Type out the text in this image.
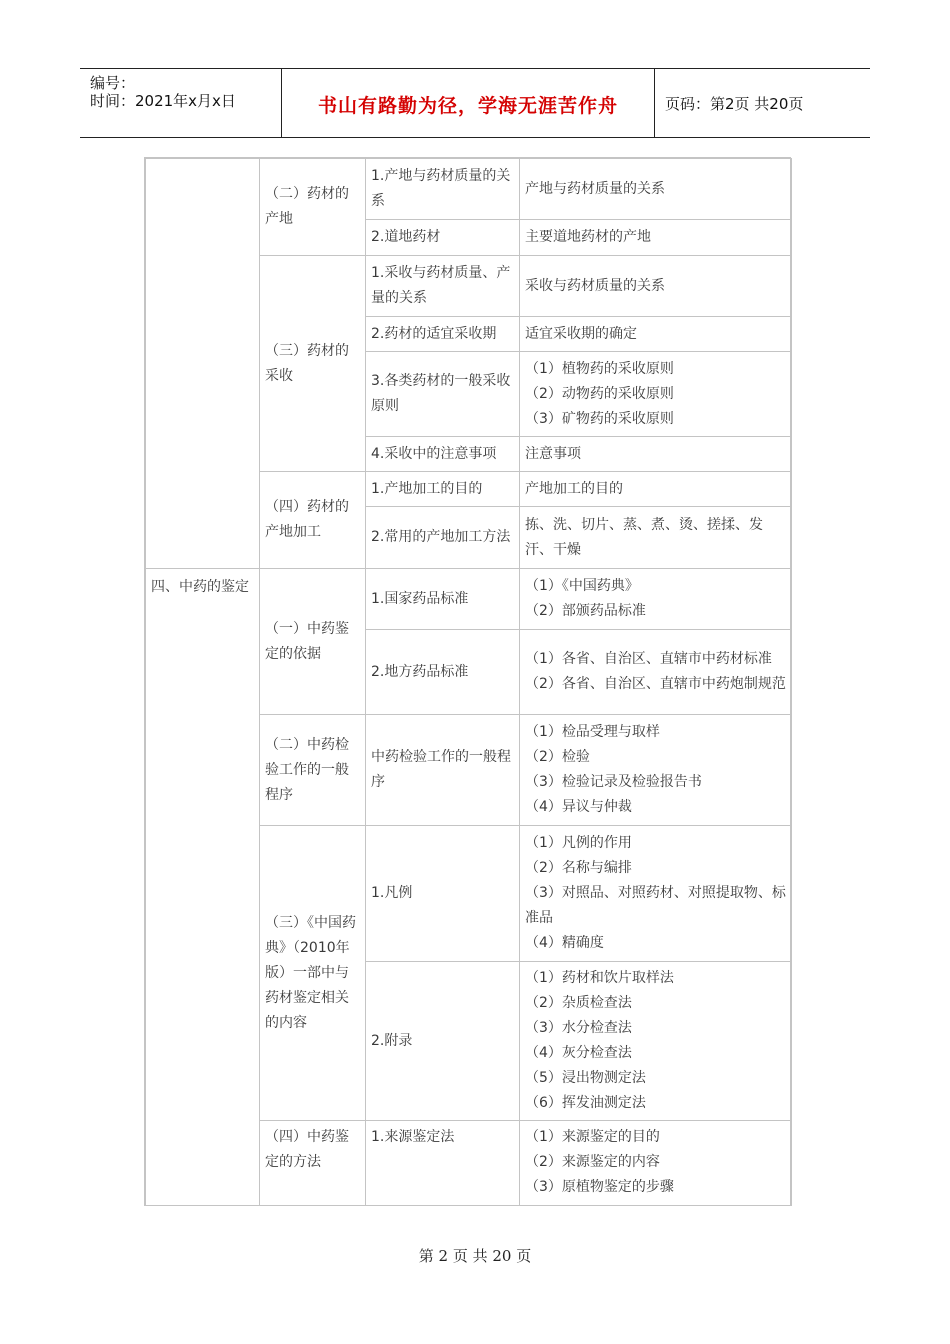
编号：
时间：2021年x月x日	书山有路勤为径，学海无涯苦作舟	页码：第2页 共20页
四、中药的鉴定
（二）药材的产地
（三）药材的采收
（四）药材的产地加工
（一）中药鉴定的依据
（二）中药检验工作的一般程序
（三）《中国药典》（2010年版）一部中与药材鉴定相关的内容
（四）中药鉴定的方法
1.产地与药材质量的关系
2.道地药材
1.采收与药材质量、产量的关系
2.药材的适宜采收期
3.各类药材的一般采收原则
4.采收中的注意事项
1.产地加工的目的
2.常用的产地加工方法
1.国家药品标准
2.地方药品标准
中药检验工作的一般程序
1.凡例
2.附录
1.来源鉴定法
产地与药材质量的关系
主要道地药材的产地
采收与药材质量的关系
适宜采收期的确定
（1）植物药的采收原则
（2）动物药的采收原则
（3）矿物药的采收原则
注意事项
产地加工的目的
拣、洗、切片、蒸、煮、烫、搓揉、发汗、干燥
（1）《中国药典》
（2）部颁药品标准
（1）各省、自治区、直辖市中药材标准
（2）各省、自治区、直辖市中药炮制规范
（1）检品受理与取样
（2）检验
（3）检验记录及检验报告书
（4）异议与仲裁
（1）凡例的作用
（2）名称与编排
（3）对照品、对照药材、对照提取物、标准品
（4）精确度
（1）药材和饮片取样法
（2）杂质检查法
（3）水分检查法
（4）灰分检查法
（5）浸出物测定法
（6）挥发油测定法
（1）来源鉴定的目的
（2）来源鉴定的内容
（3）原植物鉴定的步骤
第 2 页 共 20 页
